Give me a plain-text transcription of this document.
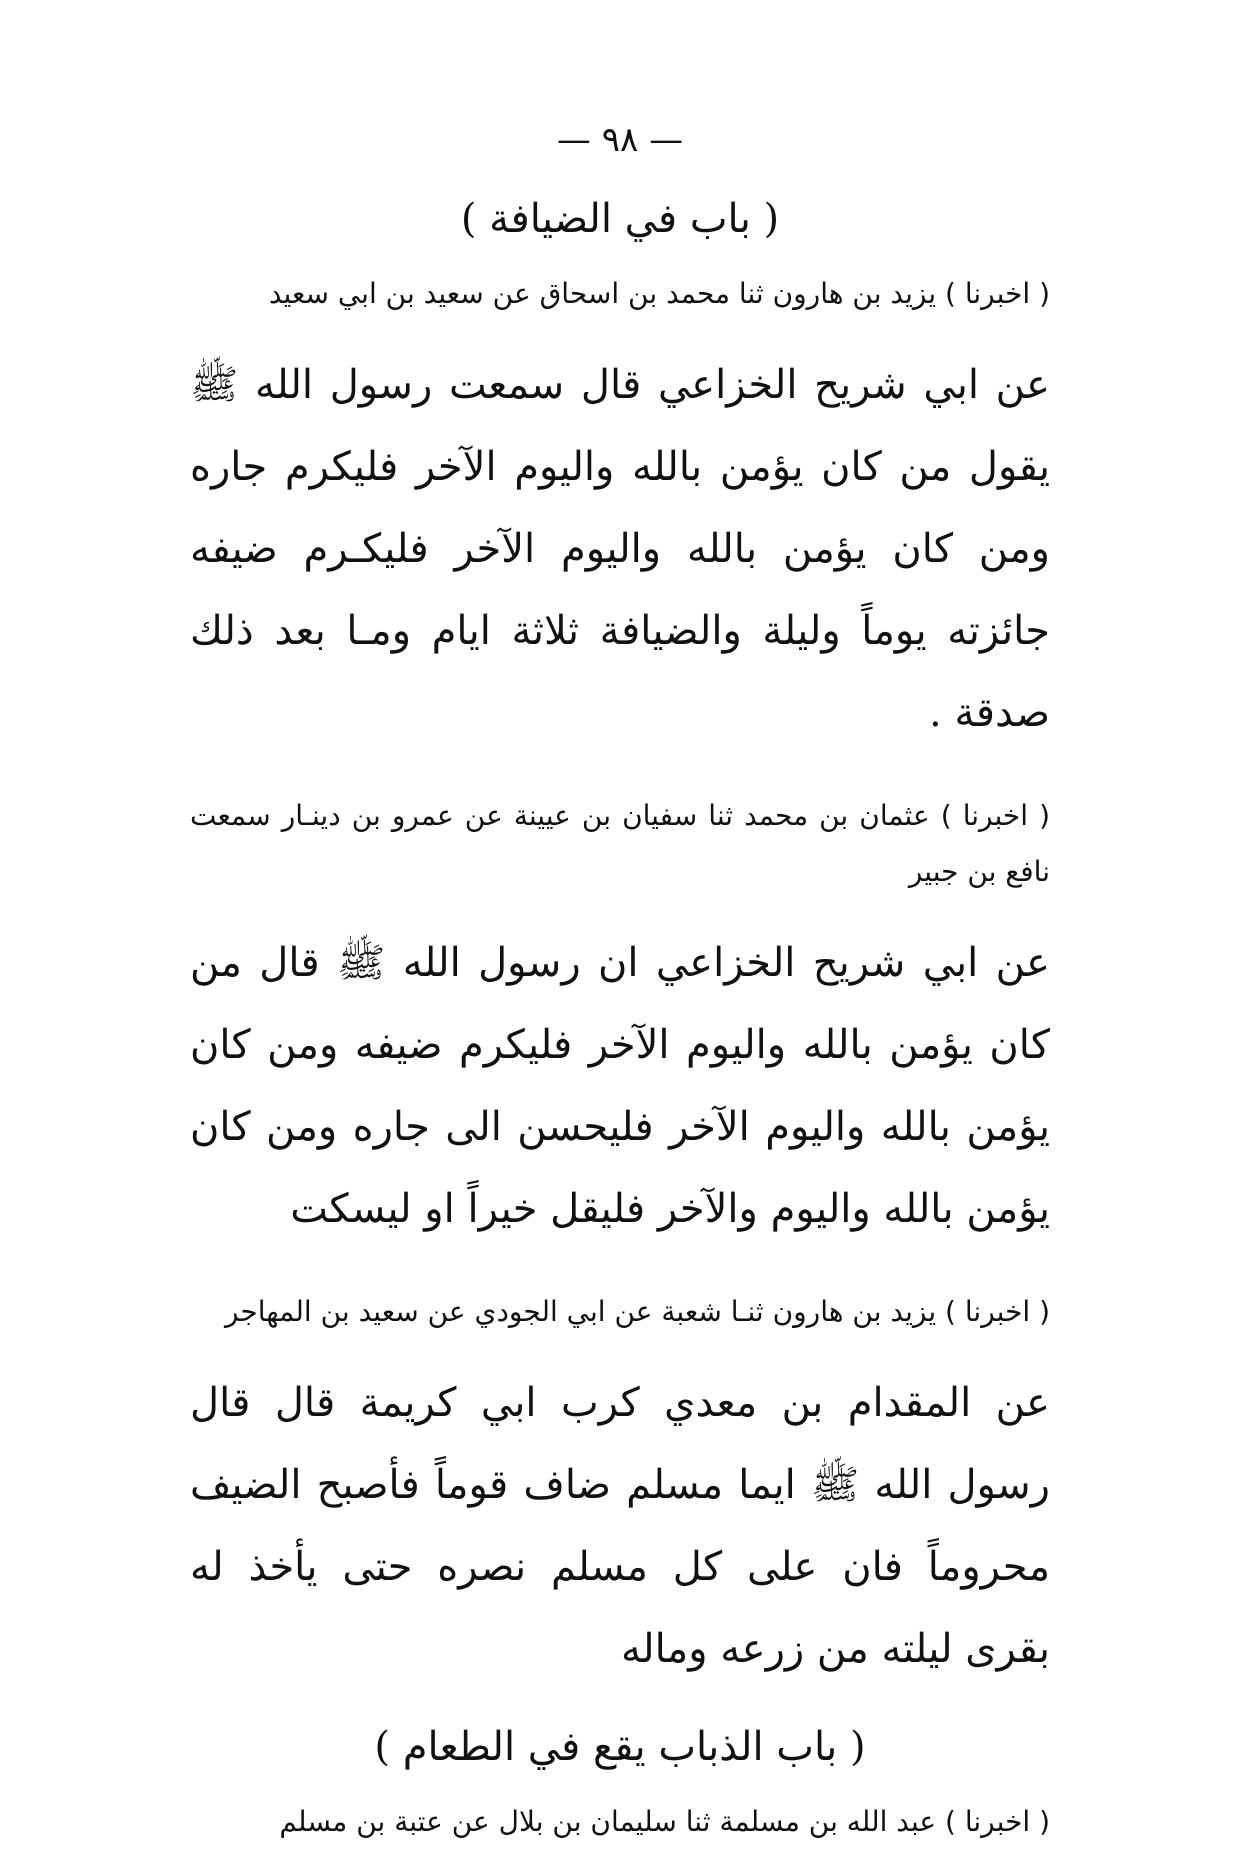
— ٩٨ —
( باب في الضيافة )

( اخبرنا ) يزيد بن هارون ثنا محمد بن اسحاق عن سعيد بن ابي سعيد

عن ابي شريح الخزاعي قال سمعت رسول الله ﷺ يقول من كان يؤمن بالله واليوم الآخر فليكرم جاره ومن كان يؤمن بالله واليوم الآخر فليكـرم ضيفه جائزته يوماً وليلة والضيافة ثلاثة ايام ومـا بعد ذلك صدقة .

( اخبرنا ) عثمان بن محمد ثنا سفيان بن عيينة عن عمرو بن دينـار سمعت نافع بن جبير

عن ابي شريح الخزاعي ان رسول الله ﷺ قال من كان يؤمن بالله واليوم الآخر فليكرم ضيفه ومن كان يؤمن بالله واليوم الآخر فليحسن الى جاره ومن كان يؤمن بالله واليوم والآخر فليقل خيراً او ليسكت

( اخبرنا ) يزيد بن هارون ثنـا شعبة عن ابي الجودي عن سعيد بن المهاجر

عن المقدام بن معدي كرب ابي كريمة قال قال رسول الله ﷺ ايما مسلم ضاف قوماً فأصبح الضيف محروماً فان على كل مسلم نصره حتى يأخذ له بقرى ليلته من زرعه وماله

( باب الذباب يقع في الطعام )

( اخبرنا ) عبد الله بن مسلمة ثنا سليمان بن بلال عن عتبة بن مسلم
